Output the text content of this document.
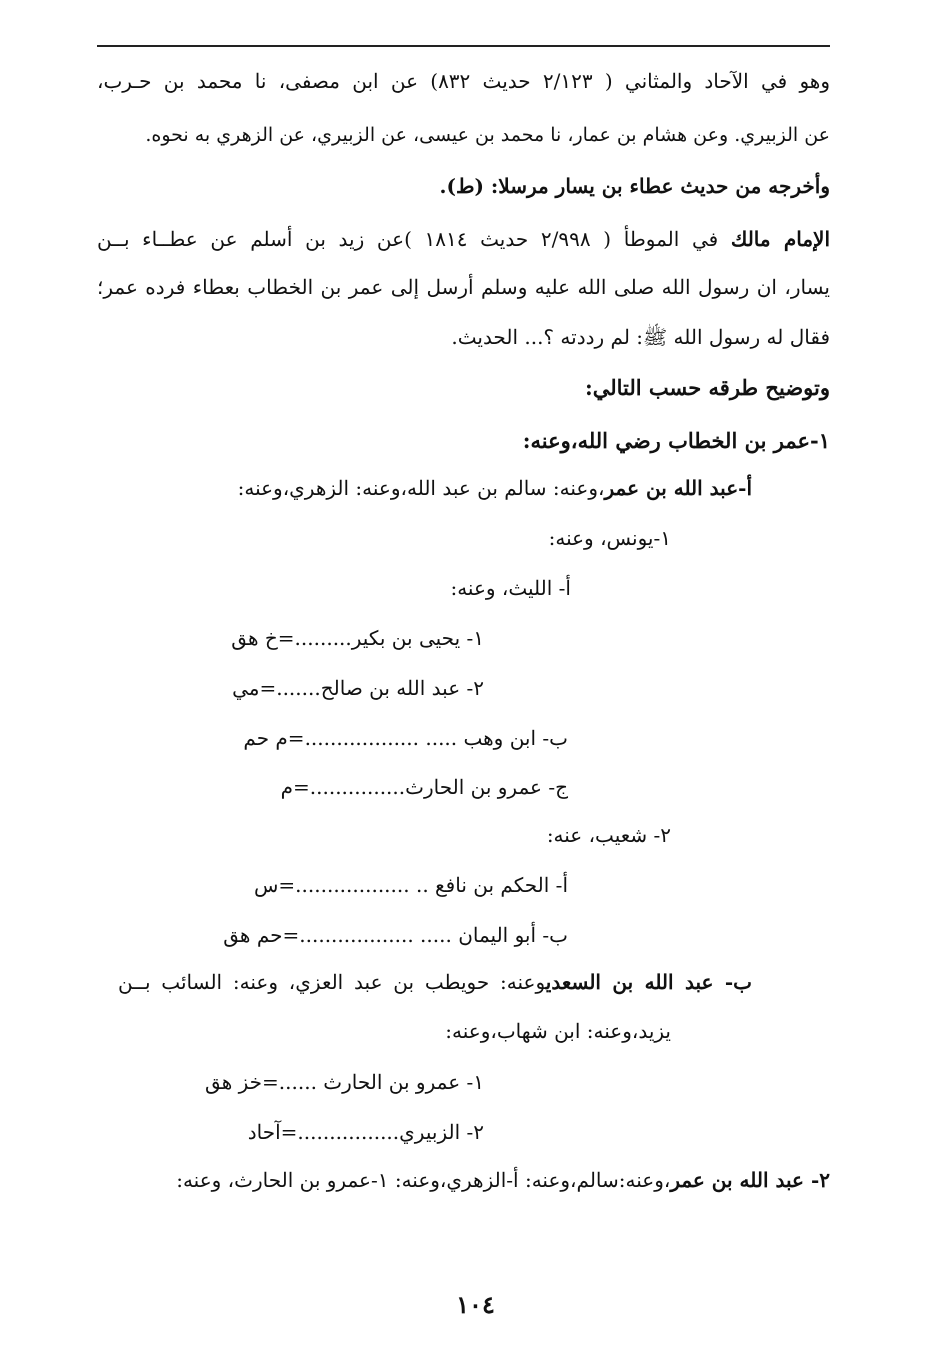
وهو في الآحاد والمثاني ( ٢/١٢٣ حديث ٨٣٢) عن ابن مصفى، نا محمد بن حـرب،
عن الزبيري. وعن هشام بن عمار، نا محمد بن عيسى، عن الزبيري، عن الزهري به نحوه.
وأخرجه من حديث عطاء بن يسار مرسلا: (ط).
الإمام مالك في الموطأ ( ٢/٩٩٨ حديث ١٨١٤ )عن زيد بن أسلم عن عطــاء بــن
يسار، ان رسول الله صلى الله عليه وسلم أرسل إلى عمر بن الخطاب بعطاء فرده عمر؛
فقال له رسول الله ﷺ: لم رددته ؟... الحديث.
وتوضيح طرقه حسب التالي:
١-عمر بن الخطاب رضي الله،وعنه:
أ-عبد الله بن عمر،وعنه: سالم بن عبد الله،وعنه: الزهري،وعنه:
١-يونس، وعنه:
أ- الليث، وعنه:
١- يحيى بن بكير.........=خ هق
٢- عبد الله بن صالح.......=مي
ب- ابن وهب ..... ..................=م حم
ج- عمرو بن الحارث...............=م
٢- شعيب، عنه:
أ- الحكم بن نافع .. ..................=س
ب- أبو اليمان ..... ..................=حم هق
ب- عبد الله بن السعديوعنه: حويطب بن عبد العزي، وعنه: السائب بــن
يزيد،وعنه: ابن شهاب،وعنه:
١- عمرو بن الحارث ......=خز هق
٢- الزبيري................=آحاد
٢- عبد الله بن عمر،وعنه:سالم،وعنه: أ-الزهري،وعنه: ١-عمرو بن الحارث، وعنه:
١٠٤
